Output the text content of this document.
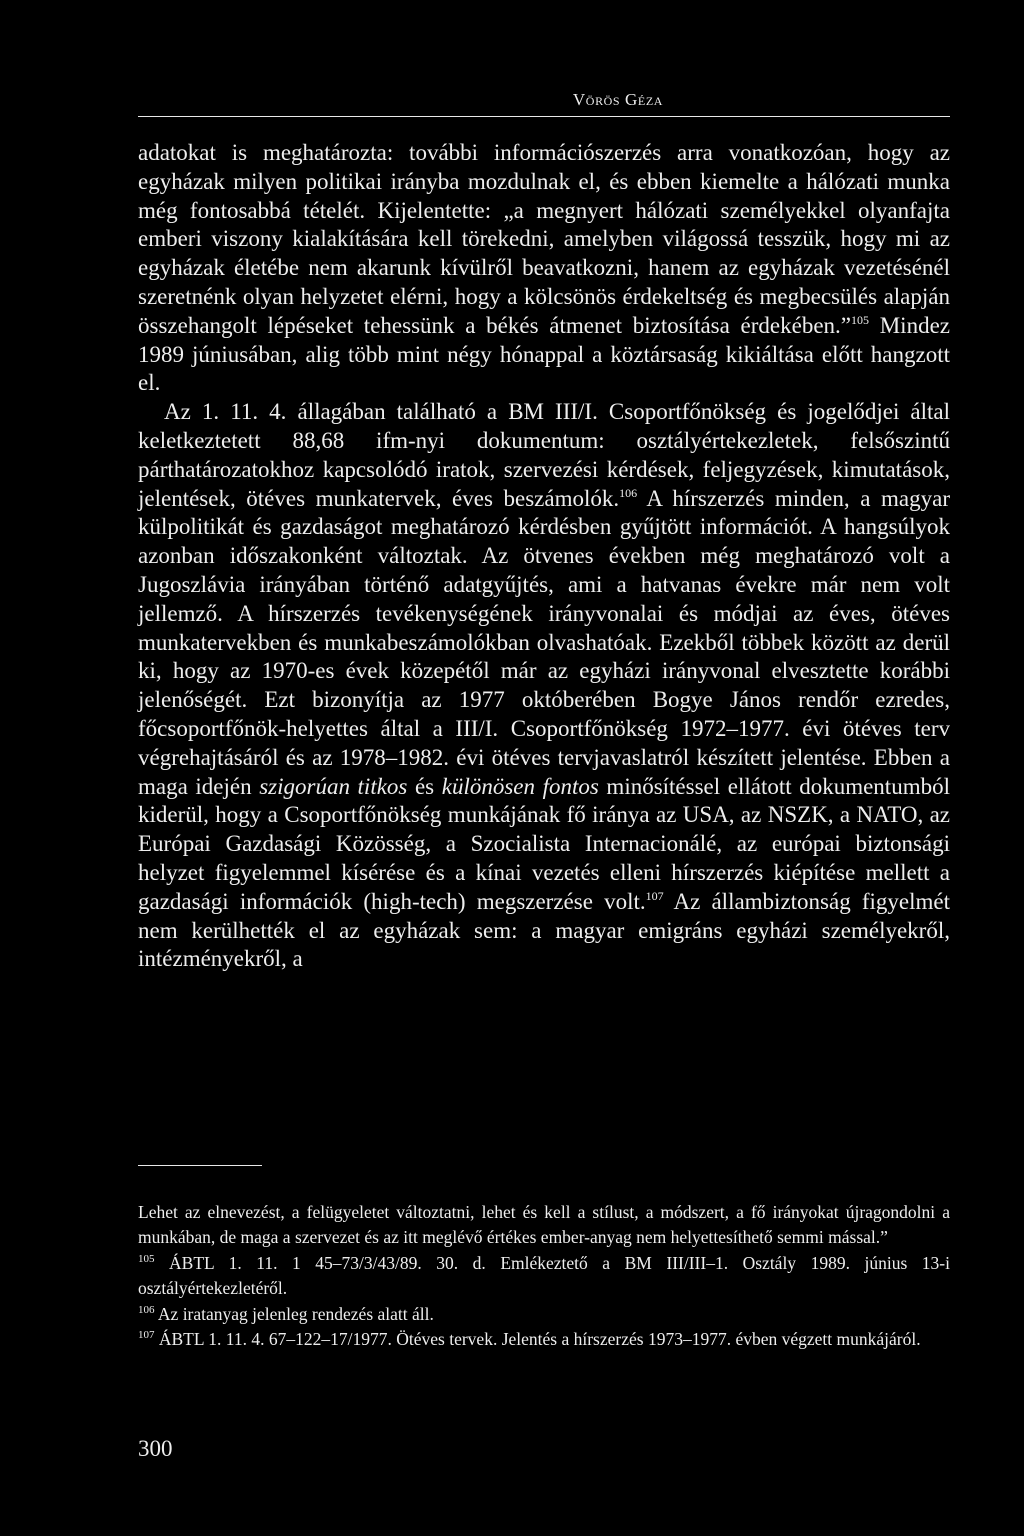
Vörös Géza

adatokat is meghatározta: további információszerzés arra vonatkozóan, hogy az egyházak milyen politikai irányba mozdulnak el, és ebben kiemelte a hálózati munka még fontosabbá tételét. Kijelentette: „a megnyert hálózati személyekkel olyanfajta emberi viszony kialakítására kell törekedni, amelyben világossá tesszük, hogy mi az egyházak életébe nem akarunk kívülről beavatkozni, hanem az egyházak vezetésénél szeretnénk olyan helyzetet elérni, hogy a kölcsönös érdekeltség és megbecsülés alapján összehangolt lépéseket tehessünk a békés átmenet biztosítása érdekében.”$^{105}$ Mindez 1989 júniusában, alig több mint négy hónappal a köztársaság kikiáltása előtt hangzott el.

Az 1. 11. 4. állagában található a BM III/I. Csoportfőnökség és jogelődjei által keletkeztetett 88,68 ifm-nyi dokumentum: osztályértekezletek, felsőszintű párthatározatokhoz kapcsolódó iratok, szervezési kérdések, feljegyzések, kimutatások, jelentések, ötéves munkatervek, éves beszámolók.$^{106}$ A hírszerzés minden, a magyar külpolitikát és gazdaságot meghatározó kérdésben gyűjtött információt. A hangsúlyok azonban időszakonként változtak. Az ötvenes években még meghatározó volt a Jugoszlávia irányában történő adatgyűjtés, ami a hatvanas évekre már nem volt jellemző. A hírszerzés tevékenységének irányvonalai és módjai az éves, ötéves munkatervekben és munkabeszámolókban olvashatóak. Ezekből többek között az derül ki, hogy az 1970-es évek közepétől már az egyházi irányvonal elvesztette korábbi jelenőségét. Ezt bizonyítja az 1977 októberében Bogye János rendőr ezredes, főcsoportfőnök-helyettes által a III/I. Csoportfőnökség 1972–1977. évi ötéves terv végrehajtásáról és az 1978–1982. évi ötéves tervjavaslatról készített jelentése. Ebben a maga idején szigorúan titkos és különösen fontos minősítéssel ellátott dokumentumból kiderül, hogy a Csoportfőnökség munkájának fő iránya az USA, az NSZK, a NATO, az Európai Gazdasági Közösség, a Szocialista Internacionálé, az európai biztonsági helyzet figyelemmel kísérése és a kínai vezetés elleni hírszerzés kiépítése mellett a gazdasági információk (high-tech) megszerzése volt.$^{107}$ Az állambiztonság figyelmét nem kerülhették el az egyházak sem: a magyar emigráns egyházi személyekről, intézményekről, a

Lehet az elnevezést, a felügyeletet változtatni, lehet és kell a stílust, a módszert, a fő irányokat újragondolni a munkában, de maga a szervezet és az itt meglévő értékes ember-anyag nem helyettesíthető semmi mással.”

$^{105}$ ÁBTL 1. 11. 1 45–73/3/43/89. 30. d. Emlékeztető a BM III/III–1. Osztály 1989. június 13-i osztályértekezletéről.

$^{106}$ Az iratanyag jelenleg rendezés alatt áll.

$^{107}$ ÁBTL 1. 11. 4. 67–122–17/1977. Ötéves tervek. Jelentés a hírszerzés 1973–1977. évben végzett munkájáról.

300
